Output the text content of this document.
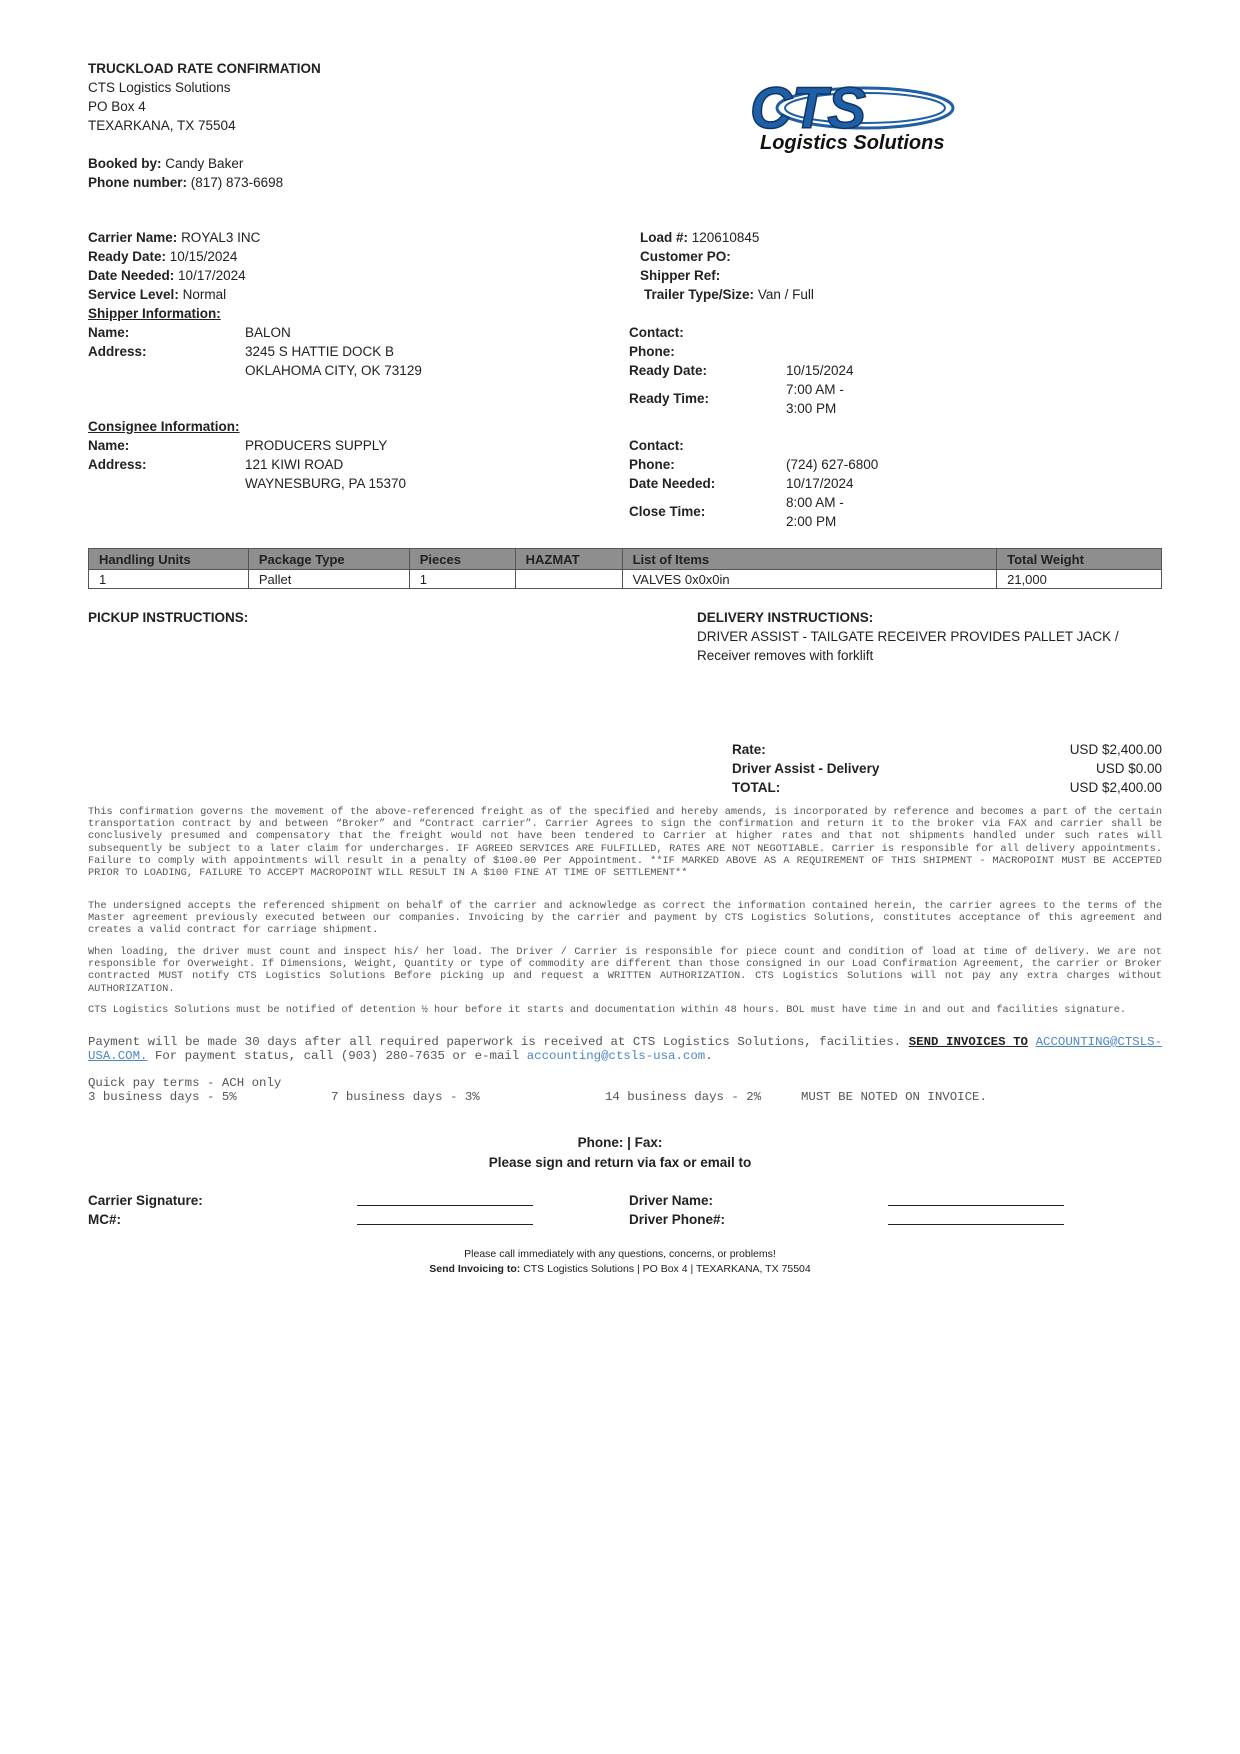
TRUCKLOAD RATE CONFIRMATION
CTS Logistics Solutions
PO Box 4
TEXARKANA, TX 75504
Booked by: Candy Baker
Phone number: (817) 873-6698
CTS
Logistics Solutions
Carrier Name: ROYAL3 INC
Ready Date: 10/15/2024
Date Needed: 10/17/2024
Service Level: Normal
Load #: 120610845
Customer PO:
Shipper Ref:
Trailer Type/Size: Van / Full
Shipper Information:
Name:	BALON
Address:	3245 S HATTIE DOCK B
OKLAHOMA CITY, OK 73129
Contact:
Phone:
Ready Date:	10/15/2024
Ready Time:
7:00 AM -
3:00 PM
Consignee Information:
Name:	PRODUCERS SUPPLY
Address:	121 KIWI ROAD
WAYNESBURG, PA 15370
Contact:
Phone:	(724) 627-6800
Date Needed:	10/17/2024
Close Time:
8:00 AM -
2:00 PM
Handling Units	Package Type	Pieces	HAZMAT	List of Items	Total Weight
1	Pallet	1		VALVES 0x0x0in	21,000
PICKUP INSTRUCTIONS:	DELIVERY INSTRUCTIONS:
DRIVER ASSIST - TAILGATE RECEIVER PROVIDES PALLET JACK /
Receiver removes with forklift
Rate:	USD $2,400.00
Driver Assist - Delivery	USD $0.00
TOTAL:	USD $2,400.00
This confirmation governs the movement of the above-referenced freight as of the specified and hereby amends, is incorporated by reference and becomes a part of the certain transportation contract by and between “Broker” and “Contract carrier”. Carrier Agrees to sign the confirmation and return it to the broker via FAX and carrier shall be conclusively presumed and compensatory that the freight would not have been tendered to Carrier at higher rates and that not shipments handled under such rates will subsequently be subject to a later claim for undercharges. IF AGREED SERVICES ARE FULFILLED, RATES ARE NOT NEGOTIABLE. Carrier is responsible for all delivery appointments. Failure to comply with appointments will result in a penalty of $100.00 Per Appointment. **IF MARKED ABOVE AS A REQUIREMENT OF THIS SHIPMENT - MACROPOINT MUST BE ACCEPTED PRIOR TO LOADING, FAILURE TO ACCEPT MACROPOINT WILL RESULT IN A $100 FINE AT TIME OF SETTLEMENT**
The undersigned accepts the referenced shipment on behalf of the carrier and acknowledge as correct the information contained herein, the carrier agrees to the terms of the Master agreement previously executed between our companies. Invoicing by the carrier and payment by CTS Logistics Solutions, constitutes acceptance of this agreement and creates a valid contract for carriage shipment.
When loading, the driver must count and inspect his/ her load. The Driver / Carrier is responsible for piece count and condition of load at time of delivery. We are not responsible for Overweight. If Dimensions, Weight, Quantity or type of commodity are different than those consigned in our Load Confirmation Agreement, the carrier or Broker contracted MUST notify CTS Logistics Solutions Before picking up and request a WRITTEN AUTHORIZATION. CTS Logistics Solutions will not pay any extra charges without AUTHORIZATION.
CTS Logistics Solutions must be notified of detention ½ hour before it starts and documentation within 48 hours. BOL must have time in and out and facilities signature.
Payment will be made 30 days after all required paperwork is received at CTS Logistics Solutions, facilities. SEND INVOICES TO ACCOUNTING@CTSLS-USA.COM. For payment status, call (903) 280-7635 or e-mail accounting@ctsls-usa.com.
Quick pay terms - ACH only
3 business days - 5%	7 business days - 3%	14 business days - 2%	MUST BE NOTED ON INVOICE.
Phone: | Fax:
Please sign and return via fax or email to
Carrier Signature:
MC#:
Driver Name:
Driver Phone#:
Please call immediately with any questions, concerns, or problems!
Send Invoicing to: CTS Logistics Solutions | PO Box 4 | TEXARKANA, TX 75504
